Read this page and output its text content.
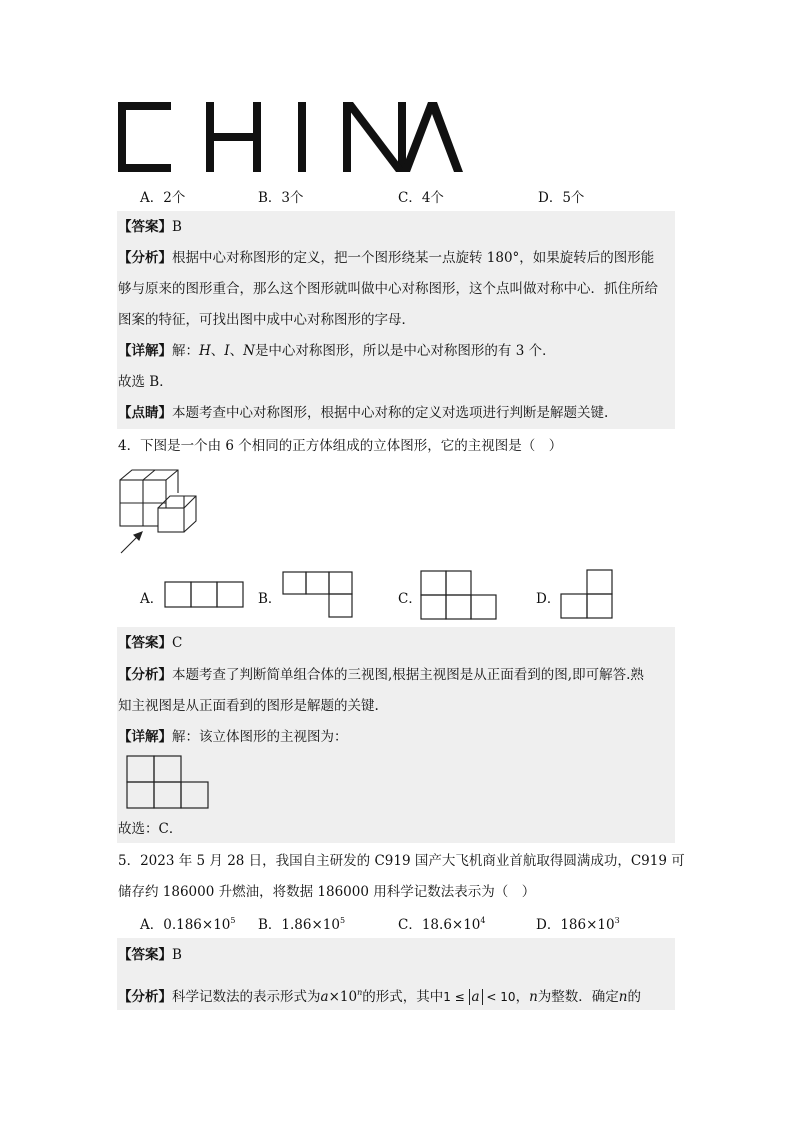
A．2个	B．3个	C．4个	D．5个
【答案】B
【分析】根据中心对称图形的定义，把一个图形绕某一点旋转 180°，如果旋转后的图形能
够与原来的图形重合，那么这个图形就叫做中心对称图形，这个点叫做对称中心．抓住所给
图案的特征，可找出图中成中心对称图形的字母．
【详解】解：H、I、N是中心对称图形，所以是中心对称图形的有 3 个．
故选 B．
【点睛】本题考查中心对称图形，根据中心对称的定义对选项进行判断是解题关键.
4．下图是一个由 6 个相同的正方体组成的立体图形，它的主视图是（　）
A．	B．	C．	D．
【答案】C
【分析】本题考查了判断简单组合体的三视图,根据主视图是从正面看到的图,即可解答.熟
知主视图是从正面看到的图形是解题的关键.
【详解】解：该立体图形的主视图为：
故选：C．
5．2023 年 5 月 28 日，我国自主研发的 C919 国产大飞机商业首航取得圆满成功，C919 可
储存约 186000 升燃油，将数据 186000 用科学记数法表示为（　）
A．$0.186\times 10^5$ B．$1.86\times 10^5$	C．$18.6\times 10^4$	D．$186\times 10^3$
【答案】B
【分析】科学记数法的表示形式为$a\times 10^n$的形式，其中1 ≤ a < 10，n为整数．确定n的
